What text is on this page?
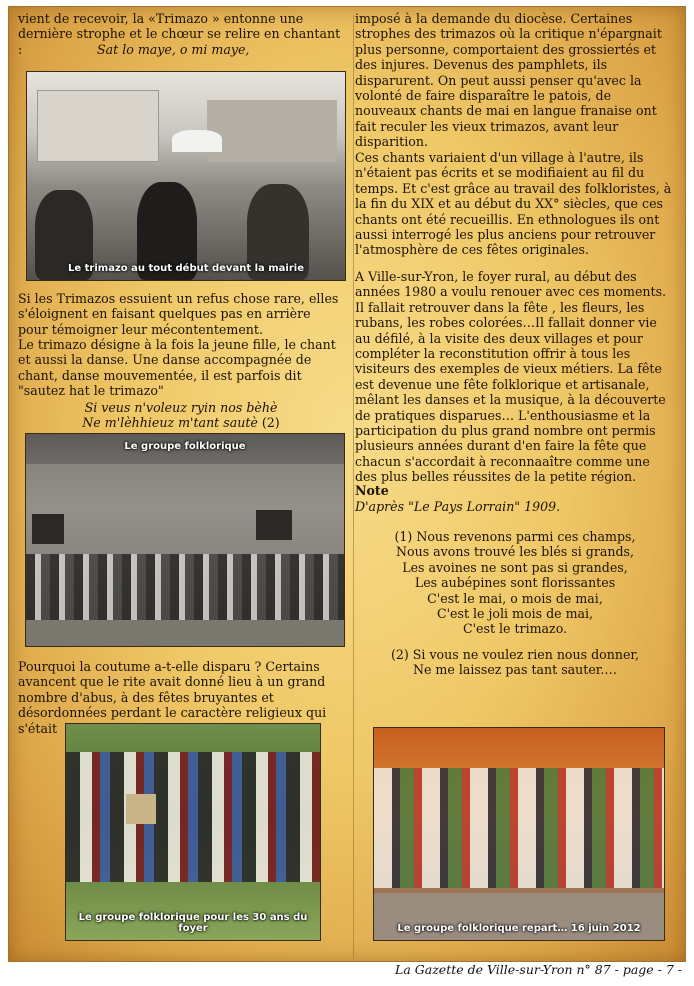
vient de recevoir, la «Trimazo » entonne une dernière strophe et le chœur se relire en chantant :	Sat lo maye, o mi maye,

Le trimazo au tout début devant la mairie

Si les Trimazos essuient un refus chose rare, elles s'éloignent en faisant quelques pas en arrière pour témoigner leur mécontentement.

Le trimazo désigne à la fois la jeune fille, le chant et aussi la danse. Une danse accompagnée de chant, danse mouvementée, il est parfois dit "sautez hat le trimazo"

Si veus n'voleuz ryin nos bèhè

Ne m'lèhhieuz m'tant sautè (2)

Le groupe folklorique

Pourquoi la coutume a-t-elle disparu ? Certains avancent que le rite avait donné lieu à un grand nombre d'abus, à des fêtes bruyantes et désordonnées perdant le caractère religieux qui s'était

Le groupe folklorique pour les 30 ans du foyer

imposé à la demande du diocèse. Certaines strophes des trimazos où la critique n'épargnait plus personne, comportaient des grossiertés et des injures. Devenus des pamphlets, ils disparurent. On peut aussi penser qu'avec la volonté de faire disparaître le patois, de nouveaux chants de mai en langue franaise ont fait reculer les vieux trimazos, avant leur disparition.

Ces chants variaient d'un village à l'autre, ils n'étaient pas écrits et se modifiaient au fil du temps. Et c'est grâce au travail des folkloristes, à la fin du XIX et au début du XX° siècles, que ces chants ont été recueillis. En ethnologues ils ont aussi interrogé les plus anciens pour retrouver l'atmosphère de ces fêtes originales.

A Ville-sur-Yron, le foyer rural, au début des années 1980 a voulu renouer avec ces moments. Il fallait retrouver dans la fête , les fleurs, les rubans, les robes colorées…Il fallait donner vie au défilé, à la visite des deux villages et pour compléter la reconstitution offrir à tous les visiteurs des exemples de vieux métiers. La fête est devenue une fête folklorique et artisanale, mêlant les danses et la musique, à la découverte de pratiques disparues… L'enthousiasme et la participation du plus grand nombre ont permis plusieurs années durant d'en faire la fête que chacun s'accordait à reconnaaître comme une des plus belles réussites de la petite région.

Note

D'après "Le Pays Lorrain" 1909.

(1) Nous revenons parmi ces champs,
Nous avons trouvé les blés si grands,
Les avoines ne sont pas si grandes,
Les aubépines sont florissantes
C'est le mai, o mois de mai,
C'est le joli mois de mai,
C'est le trimazo.
(2) Si vous ne voulez rien nous donner,
Ne me laissez pas tant sauter.…
Le groupe folklorique repart… 16 juin 2012
La Gazette de Ville-sur-Yron n° 87 - page - 7 -
